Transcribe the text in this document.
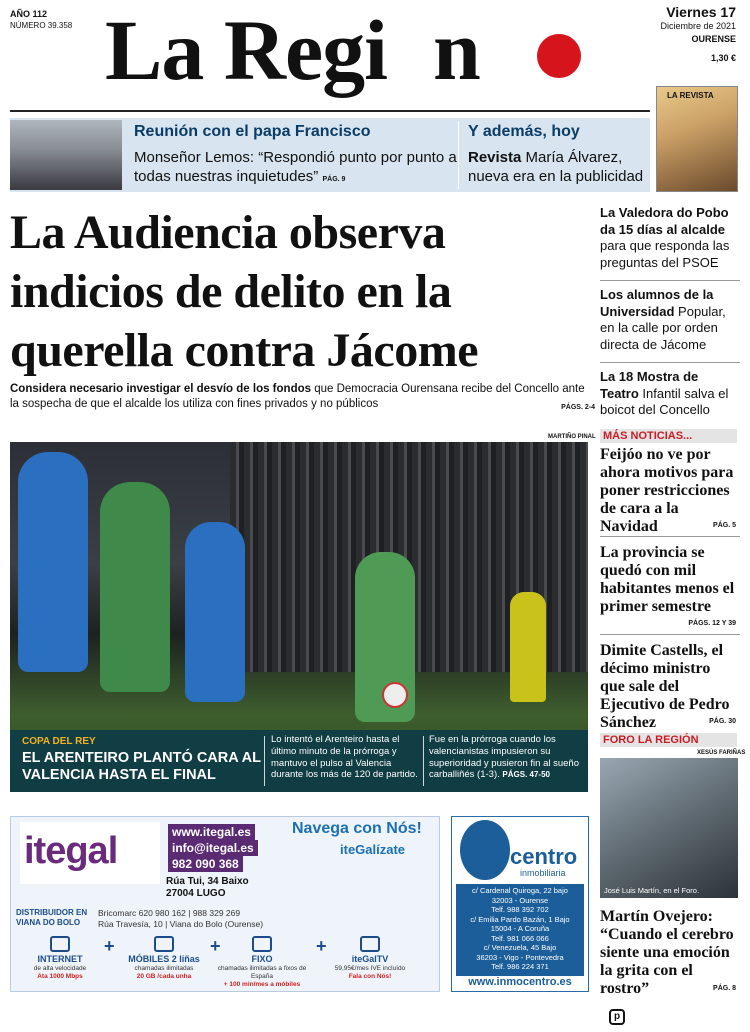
AÑO 112
NÚMERO 39.358 La Regi n	Viernes 17
Diciembre de 2021
OURENSE
1,30 €
Reunión con el papa Francisco
Monseñor Lemos: “Respondió punto por punto a todas nuestras inquietudes” PÁG. 9
Y además, hoy
Revista María Álvarez, nueva era en la publicidad
LA REVISTA
La Audiencia observa indicios de delito en la querella contra Jácome
Considera necesario investigar el desvío de los fondos que Democracia Ourensana recibe del Concello ante la sospecha de que el alcalde los utiliza con fines privados y no públicos	PÁGS. 2-4
MARTIÑO PINAL
COPA DEL REY
EL ARENTEIRO PLANTÓ CARA AL VALENCIA HASTA EL FINAL
Lo intentó el Arenteiro hasta el último minuto de la prórroga y mantuvo el pulso al Valencia durante los más de 120 de partido.
Fue en la prórroga cuando los valencianistas impusieron su superioridad y pusieron fin al sueño carballiñés (1-3). PÁGS. 47-50
La Valedora do Pobo da 15 días al alcalde para que responda las preguntas del PSOE
Los alumnos de la Universidad Popular, en la calle por orden directa de Jácome
La 18 Mostra de Teatro Infantil salva el boicot del Concello
MÁS NOTICIAS...
Feijóo no ve por ahora motivos para poner restricciones de cara a la Navidad	PÁG. 5
La provincia se quedó con mil habitantes menos el primer semestre
PÁGS. 12 Y 39
Dimite Castells, el décimo ministro que sale del Ejecutivo de Pedro Sánchez	PÁG. 30
FORO LA REGIÓN
XESÚS FARIÑAS
José Luis Martín, en el Foro.
Martín Ovejero: “Cuando el cerebro siente una emoción la grita con el rostro”	PÁG. 8
itegal	www.itegal.es
info@itegal.es
982 090 368
Navega con Nós!
iteGalízate
Rúa Tui, 34 Baixo
27004 LUGO
DISTRIBUIDOR EN VIANA DO BOLO
Bricomarc 620 980 162 | 988 329 269
Rúa Travesía, 10 | Viana do Bolo (Ourense)
INTERNET
de alta velocidade
Ata 1000 Mbps
+
MÓBILES 2 liñas
chamadas ilimitadas
20 GB /cada unha
+
FIXO
chamadas ilimitadas a fixos de España
+ 100 min/mes a móbiles
+
iteGalTV
59,95€/mes IVE incluído
Fala con Nós!
centro
inmobiliaria
c/ Cardenal Quiroga, 22 bajo
32003 - Ourense
Telf. 988 392 702
c/ Emilia Pardo Bazán, 1 Bajo
15004 - A Coruña
Telf. 981 066 066
c/ Venezuela, 45 Bajo
36203 - Vigo - Pontevedra
Telf. 986 224 371
www.inmocentro.es
p
